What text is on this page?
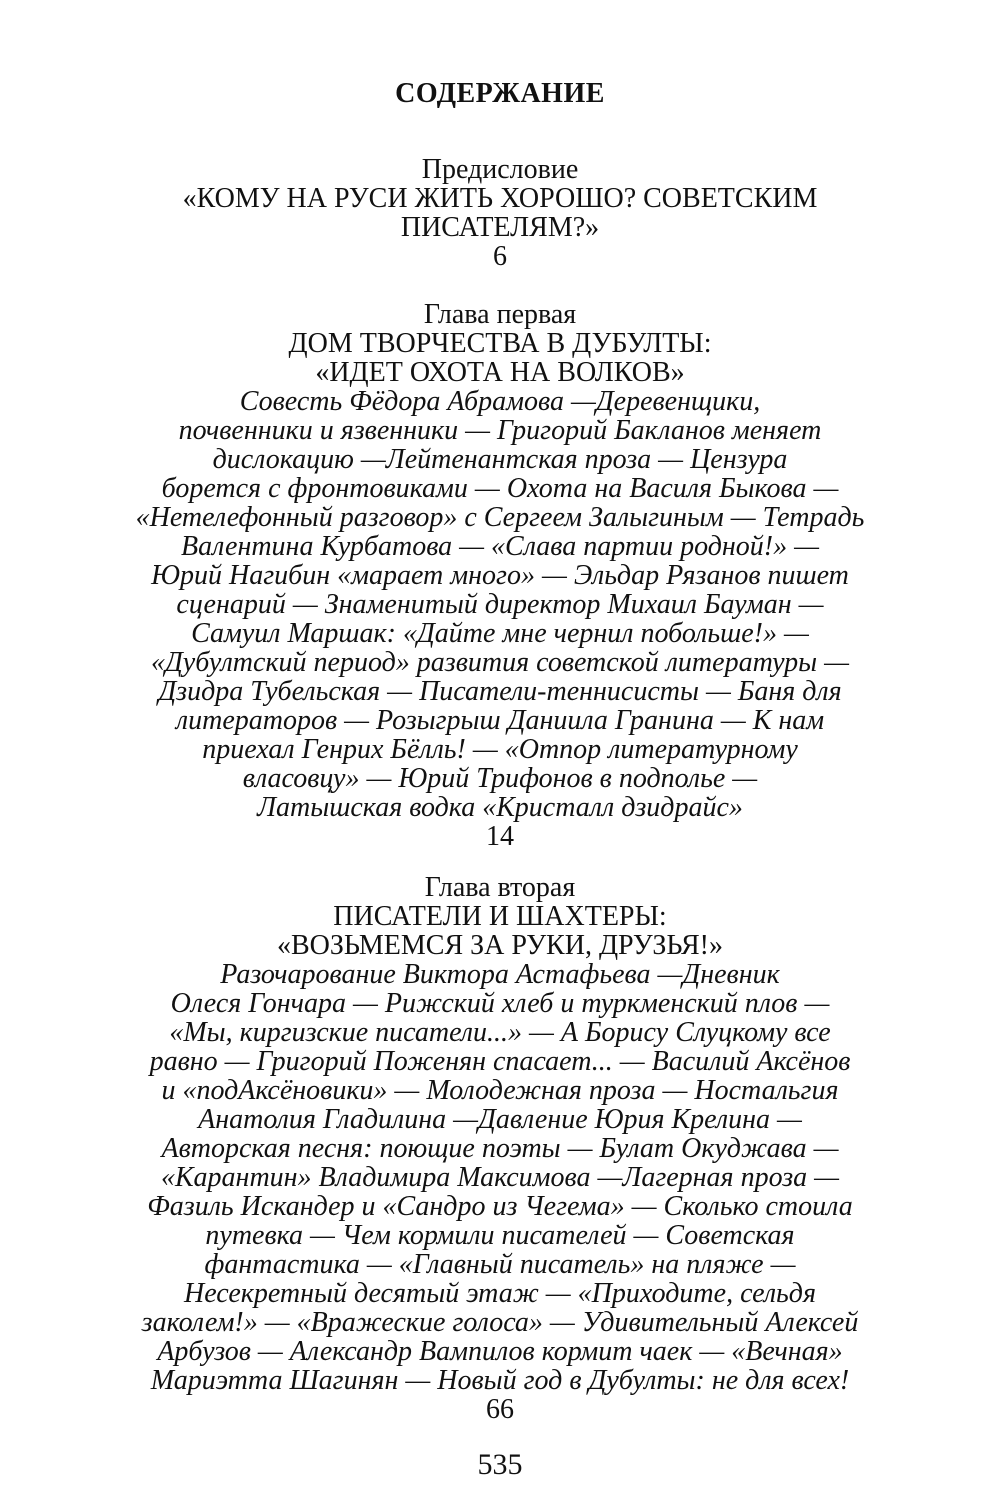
СОДЕРЖАНИЕ
Предисловие
«КОМУ НА РУСИ ЖИТЬ ХОРОШО? СОВЕТСКИМ
ПИСАТЕЛЯМ?»
6
Глава первая
ДОМ ТВОРЧЕСТВА В ДУБУЛТЫ:
«ИДЕТ ОХОТА НА ВОЛКОВ»
Совесть Фёдора Абрамова —Деревенщики,
почвенники и язвенники — Григорий Бакланов меняет
дислокацию —Лейтенантская проза — Цензура
борется с фронтовиками — Охота на Василя Быкова —
«Нетелефонный разговор» с Сергеем Залыгиным — Тетрадь
Валентина Курбатова — «Слава партии родной!» —
Юрий Нагибин «марает много» — Эльдар Рязанов пишет
сценарий — Знаменитый директор Михаил Бауман —
Самуил Маршак: «Дайте мне чернил побольше!» —
«Дубултский период» развития советской литературы —
Дзидра Тубельская — Писатели-теннисисты — Баня для
литераторов — Розыгрыш Даниила Гранина — К нам
приехал Генрих Бёлль! — «Отпор литературному
власовцу» — Юрий Трифонов в подполье —
Латышская водка «Кристалл дзидрайс»
14
Глава вторая
ПИСАТЕЛИ И ШАХТЕРЫ:
«ВОЗЬМЕМСЯ ЗА РУКИ, ДРУЗЬЯ!»
Разочарование Виктора Астафьева —Дневник
Олеся Гончара — Рижский хлеб и туркменский плов —
«Мы, киргизские писатели...» — А Борису Слуцкому все
равно — Григорий Поженян спасает... — Василий Аксёнов
и «подАксёновики» — Молодежная проза — Ностальгия
Анатолия Гладилина —Давление Юрия Крелина —
Авторская песня: поющие поэты — Булат Окуджава —
«Карантин» Владимира Максимова —Лагерная проза —
Фазиль Искандер и «Сандро из Чегема» — Сколько стоила
путевка — Чем кормили писателей — Советская
фантастика — «Главный писатель» на пляже —
Несекретный десятый этаж — «Приходите, сельдя
заколем!» — «Вражеские голоса» — Удивительный Алексей
Арбузов — Александр Вампилов кормит чаек — «Вечная»
Мариэтта Шагинян — Новый год в Дубулты: не для всех!
66
535
